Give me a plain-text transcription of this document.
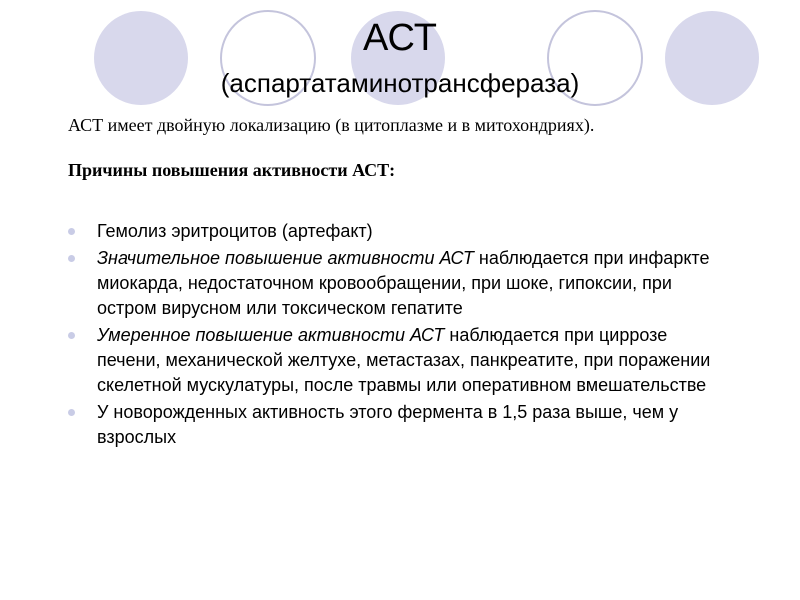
АСТ
(аспартатаминотрансфераза)
АСТ имеет двойную локализацию (в цитоплазме и в митохондриях).
Причины повышения активности АСТ:
Гемолиз эритроцитов (артефакт)
Значительное повышение активности АСТ наблюдается при инфаркте миокарда, недостаточном кровообращении, при шоке, гипоксии, при остром вирусном или токсическом гепатите
Умеренное повышение активности АСТ наблюдается при циррозе печени, механической желтухе, метастазах, панкреатите, при поражении скелетной мускулатуры, после травмы или оперативном вмешательстве
У новорожденных активность этого фермента в 1,5 раза выше, чем у взрослых
